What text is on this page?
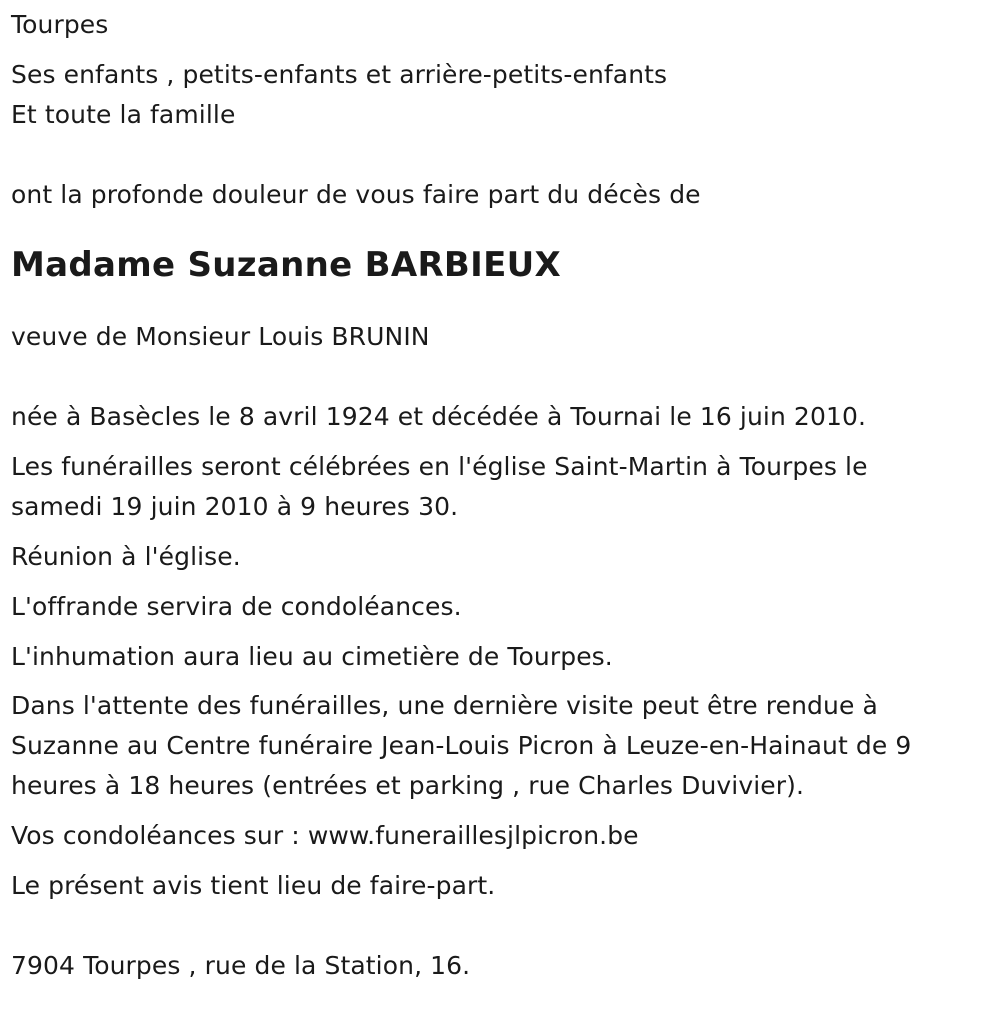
Tourpes
Ses enfants , petits-enfants et arrière-petits-enfants
Et toute la famille
ont la profonde douleur de vous faire part du décès de
Madame Suzanne BARBIEUX
veuve de Monsieur Louis BRUNIN
née à Basècles le 8 avril 1924 et décédée à Tournai le 16 juin 2010.
Les funérailles seront célébrées en l'église Saint-Martin à Tourpes le
samedi 19 juin 2010 à 9 heures 30.
Réunion à l'église.
L'offrande servira de condoléances.
L'inhumation aura lieu au cimetière de Tourpes.
Dans l'attente des funérailles, une dernière visite peut être rendue à
Suzanne au Centre funéraire Jean-Louis Picron à Leuze-en-Hainaut de 9
heures à 18 heures (entrées et parking , rue Charles Duvivier).
Vos condoléances sur : www.funeraillesjlpicron.be
Le présent avis tient lieu de faire-part.
7904 Tourpes , rue de la Station, 16.
